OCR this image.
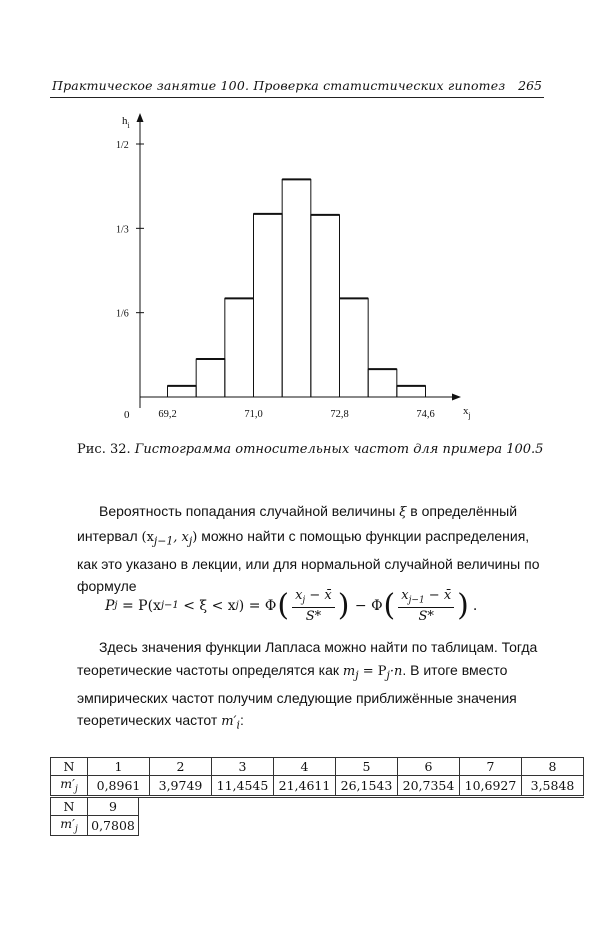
Практическое занятие 100. Проверка статистических гипотез 265
$h_i$
$x_j$
0
1/6
1/3
1/2
69,2	71,0	72,8	74,6
Рис. 32. Гистограмма относительных частот для примера 100.5

Вероятность попадания случайной величины ξ в определённый интервал ($x_{j-1}$, $x_j$) можно найти с помощью функции распределения, как это указано в лекции, или для нормальной случайной величины по формуле

P j = P(x j−1 < ξ < x j ) = Φ ( $\frac{x_j - x̄}{S*}$ ) − Φ ( $\frac{x_{j-1} - x̄}{S*}$ ) .

Здесь значения функции Лапласа можно найти по таблицам. Тогда теоретические частоты определятся как $m_j = P_j\cdot n$. В итоге вместо эмпирических частот получим следующие приближённые значения теоретических частот $m'_i$:

N	1	2	3	4	5	6	7	8
$m'_j$	0,8961	3,9749	11,4545	21,4611	26,1543	20,7354	10,6927	3,5848
N	9
$m'_j$	0,7808
